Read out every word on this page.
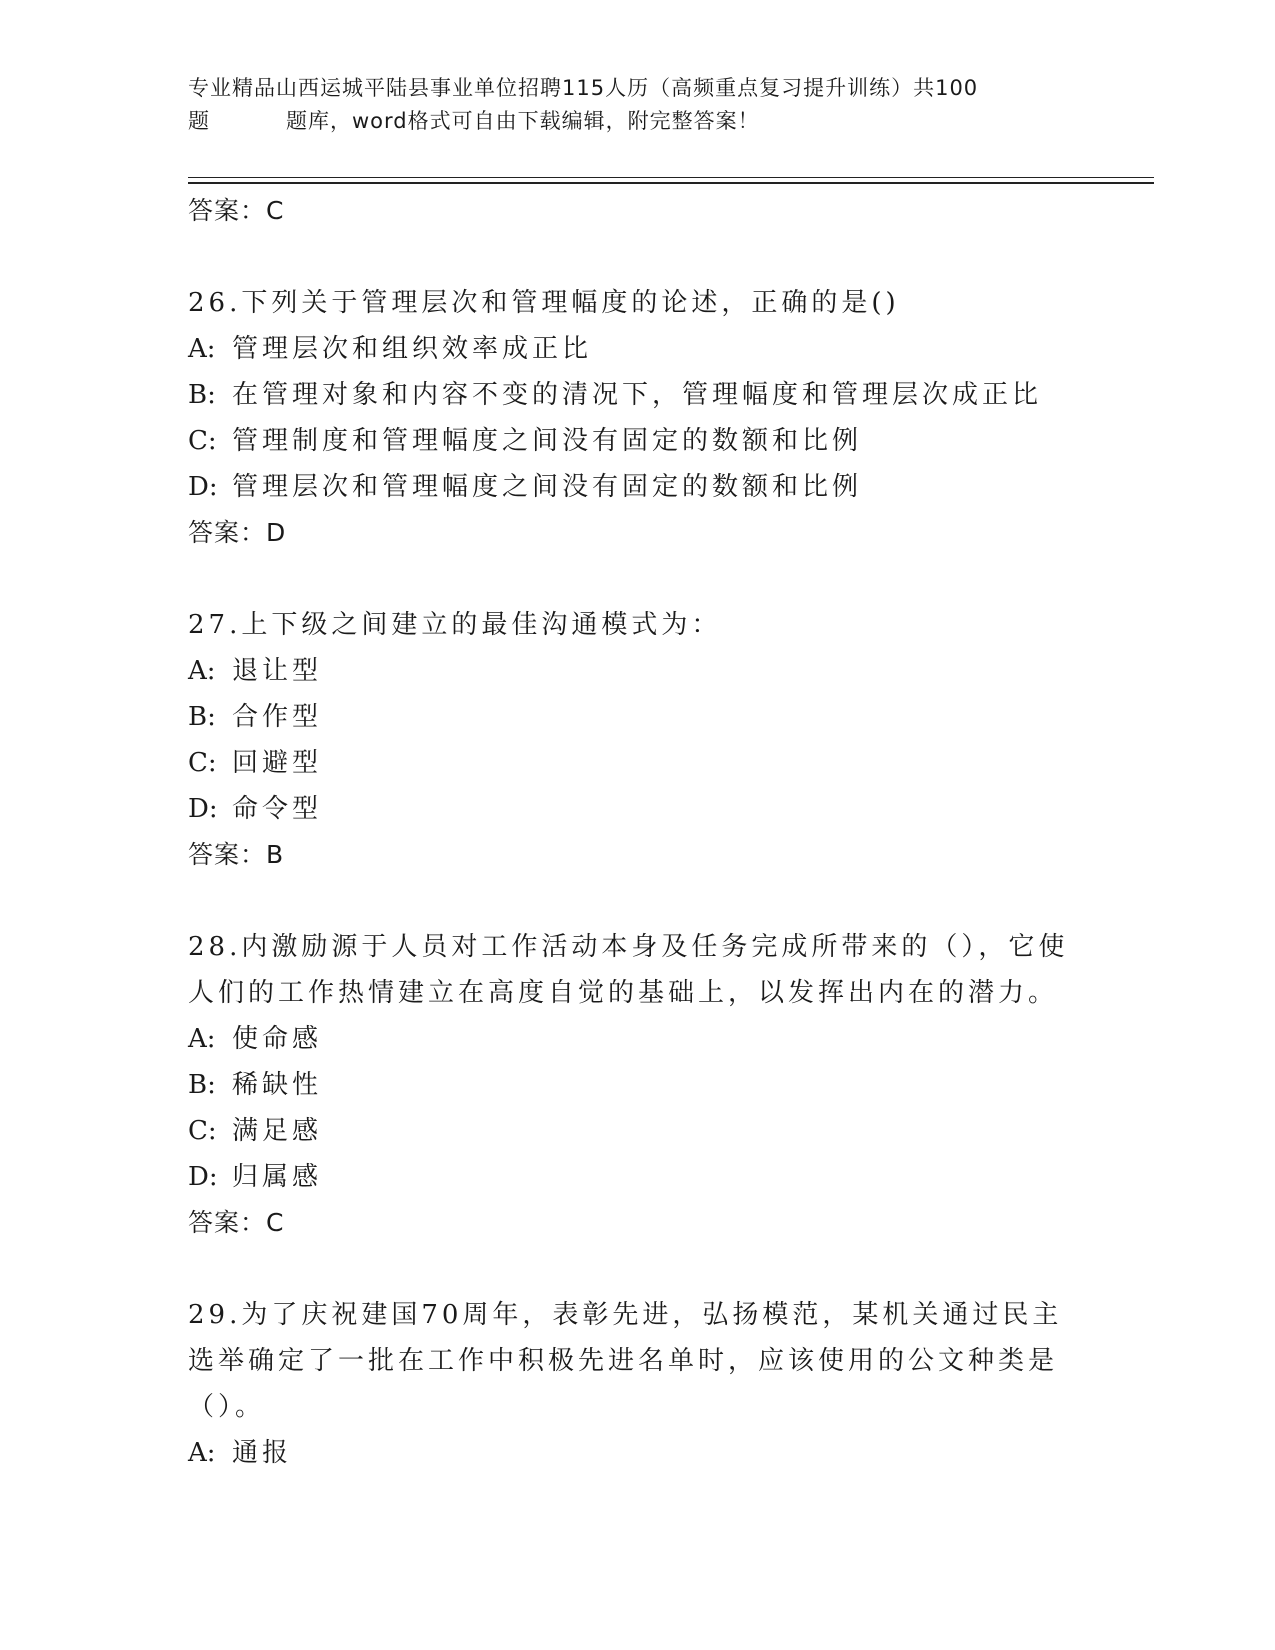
专业精品山西运城平陆县事业单位招聘115人历（高频重点复习提升训练）共100
题	题库，word格式可自由下载编辑，附完整答案！
答案：C
26.下列关于管理层次和管理幅度的论述，正确的是()
A: 管理层次和组织效率成正比
B: 在管理对象和内容不变的清况下，管理幅度和管理层次成正比
C: 管理制度和管理幅度之间没有固定的数额和比例
D: 管理层次和管理幅度之间没有固定的数额和比例
答案：D
27.上下级之间建立的最佳沟通模式为：
A: 退让型
B: 合作型
C: 回避型
D: 命令型
答案：B
28.内激励源于人员对工作活动本身及任务完成所带来的（），它使人们的工作热情建立在高度自觉的基础上，以发挥出内在的潜力。
A: 使命感
B: 稀缺性
C: 满足感
D: 归属感
答案：C
29.为了庆祝建国70周年，表彰先进，弘扬模范，某机关通过民主选举确定了一批在工作中积极先进名单时，应该使用的公文种类是（）。
A: 通报
